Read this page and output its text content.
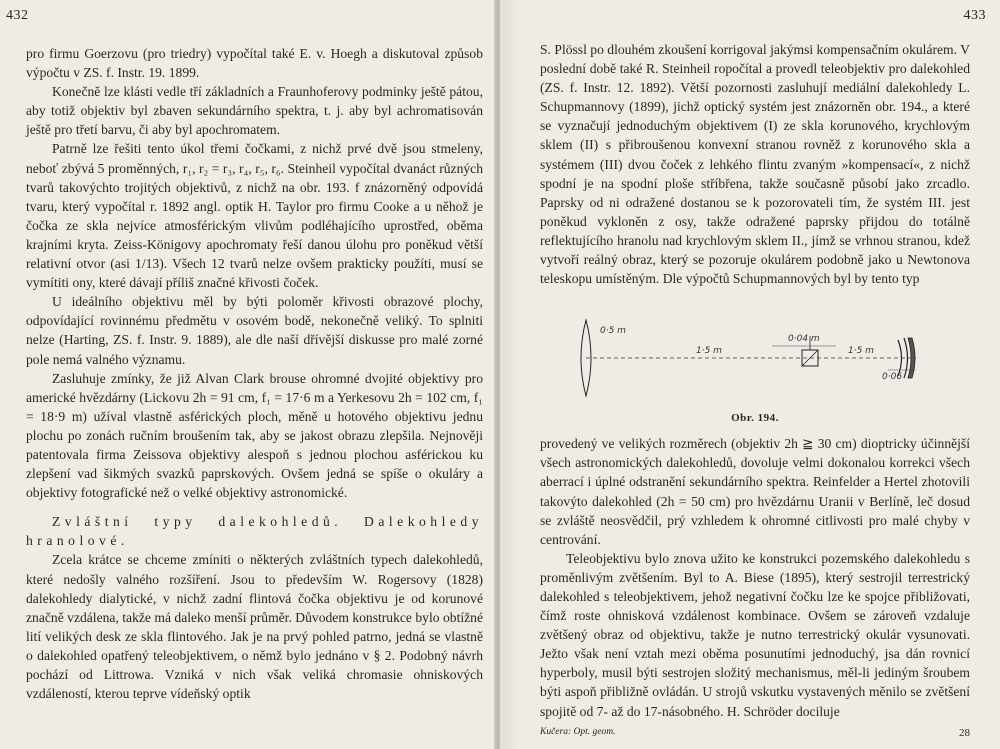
432

pro firmu Goerzovu (pro triedry) vypočítal také E. v. Hoegh a diskutoval způsob výpočtu v ZS. f. Instr. 19. 1899.

Konečně lze klásti vedle tří základních a Fraunhoferovy podminky ještě pátou, aby totiž objektiv byl zbaven sekundárního spektra, t. j. aby byl achromatisován ještě pro třetí barvu, či aby byl apochromatem.

Patrně lze řešiti tento úkol třemi čočkami, z nichž prvé dvě jsou stmeleny, neboť zbývá 5 proměnných, r₁, r₂ = r₃, r₄, r₅, r₆. Steinheil vypočítal dvanáct různých tvarů takovýchto trojitých objektivů, z nichž na obr. 193. f znázorněný odpovídá tvaru, který vypočítal r. 1892 angl. optik H. Taylor pro firmu Cooke a u něhož je čočka ze skla nejvíce atmosférickým vlivům podléhajícího uprostřed, oběma krajními kryta. Zeiss-Königovy apochromaty řeší danou úlohu pro poněkud větší relativní otvor (asi 1/13). Všech 12 tvarů nelze ovšem prakticky použíti, musí se vymítiti ony, které dávají příliš značné křivosti čoček.

U ideálního objektivu měl by býti poloměr křivosti obrazové plochy, odpovídající rovinnému předmětu v osovém bodě, nekonečně veliký. To splniti nelze (Harting, ZS. f. Instr. 9. 1889), ale dle naší dřívější diskusse pro malé zorné pole nemá valného významu.

Zasluhuje zmínky, že již Alvan Clark brouse ohromné dvojité objektivy pro americké hvězdárny (Lickovu 2h = 91 cm, f₁ = 17·6 m a Yerkesovu 2h = 102 cm, f₁ = 18·9 m) užíval vlastně asférických ploch, měně u hotového objektivu jednu plochu po zonách ručním broušením tak, aby se jakost obrazu zlepšila. Nejnověji patentovala firma Zeissova objektivy alespoň s jednou plochou asférickou ku zlepšení vad šikmých svazků paprskových. Ovšem jedná se spíše o okuláry a objektivy fotografické než o velké objektivy astronomické.

Zvláštní typy dalekohledů. Dalekohledy hranolové.

Zcela krátce se chceme zmíniti o některých zvláštních typech dalekohledů, které nedošly valného rozšíření. Jsou to především W. Rogersovy (1828) dalekohledy dialytické, v nichž zadní flintová čočka objektivu je od korunové značně vzdálena, takže má daleko menší průměr. Důvodem konstrukce bylo obtížné lití velikých desk ze skla flintového. Jak je na prvý pohled patrno, jedná se vlastně o dalekohled opatřený teleobjektivem, o němž bylo jednáno v § 2. Podobný návrh pochází od Littrowa. Vzniká v nich však veliká chromasie ohniskových vzdáleností, kterou teprve vídeňský optik

433

S. Plössl po dlouhém zkoušení korrigoval jakýmsi kompensačním okulárem. V poslední době také R. Steinheil ropočítal a provedl teleobjektiv pro dalekohled (ZS. f. Instr. 12. 1892). Větší pozornosti zasluhují mediální dalekohledy L. Schupmannovy (1899), jichž optický systém jest znázorněn obr. 194., a které se vyznačují jednoduchým objektivem (I) ze skla korunového, krychlovým sklem (II) s přibroušenou konvexní stranou rovněž z korunového skla a systémem (III) dvou čoček z lehkého flintu zvaným »kompensací«, z nichž spodní je na spodní ploše stříbřena, takže současně působí jako zrcadlo. Paprsky od ni odražené dostanou se k pozorovateli tím, že systém III. jest poněkud vykloněn z osy, takže odražené paprsky přijdou do totálně reflektujícího hranolu nad krychlovým sklem II., jímž se vrhnou stranou, kdež vytvoří reálný obraz, který se pozoruje okulárem podobně jako u Newtonova teleskopu umístěným. Dle výpočtů Schupmannových byl by tento typ

0·5 m
1·5 m
0·04 m
1·5 m
0·06
Obr. 194.

provedený ve velikých rozměrech (objektiv 2h ≧ 30 cm) dioptricky účinnější všech astronomických dalekohledů, dovoluje velmi dokonalou korrekci všech aberrací i úplné odstranění sekundárního spektra. Reinfelder a Hertel zhotovili takovýto dalekohled (2h = 50 cm) pro hvězdárnu Uranii v Berlíně, leč dosud se zvláště neosvědčil, prý vzhledem k ohromné citlivosti pro malé chyby v centrování.

Teleobjektivu bylo znova užito ke konstrukci pozemského dalekohledu s proměnlivým zvětšením. Byl to A. Biese (1895), který sestrojil terrestrický dalekohled s teleobjektivem, jehož negativní čočku lze ke spojce přibližovati, čímž roste ohnisková vzdálenost kombinace. Ovšem se zároveň vzdaluje zvětšený obraz od objektivu, takže je nutno terrestrický okulár vysunovati. Ježto však není vztah mezi oběma posunutími jednoduchý, jsa dán rovnicí hyperboly, musil býti sestrojen složitý mechanismus, měl-li jediným šroubem býti aspoň přibližně ovládán. U strojů vskutku vystavených měnilo se zvětšení spojitě od 7- až do 17-násobného. H. Schröder dociluje

Kučera: Opt. geom.	28
